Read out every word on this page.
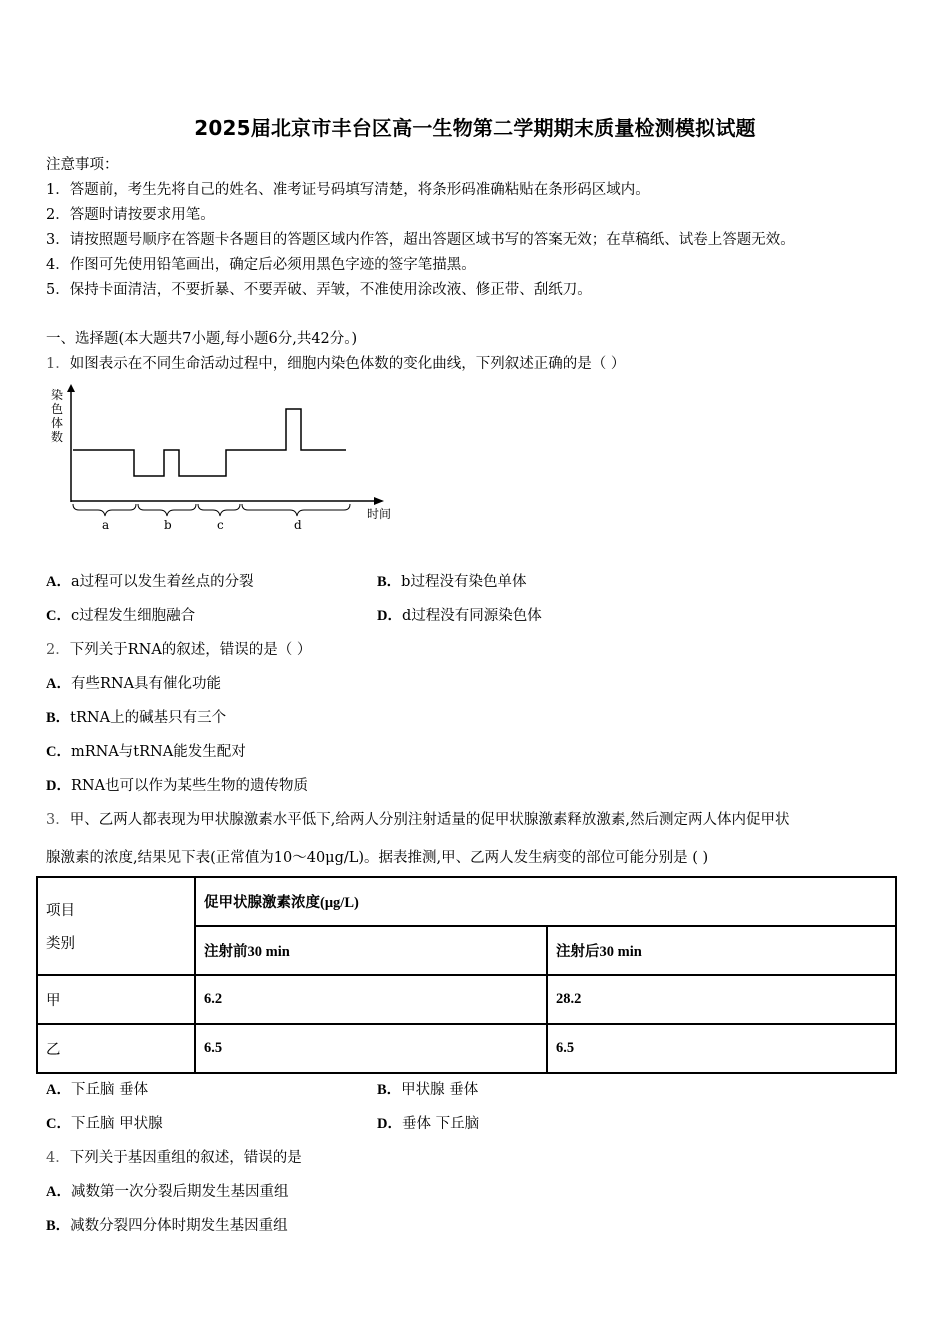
2025届北京市丰台区高一生物第二学期期末质量检测模拟试题
注意事项：
1．答题前，考生先将自己的姓名、准考证号码填写清楚，将条形码准确粘贴在条形码区域内。
2．答题时请按要求用笔。
3．请按照题号顺序在答题卡各题目的答题区域内作答，超出答题区域书写的答案无效；在草稿纸、试卷上答题无效。
4．作图可先使用铅笔画出，确定后必须用黑色字迹的签字笔描黑。
5．保持卡面清洁，不要折暴、不要弄破、弄皱，不准使用涂改液、修正带、刮纸刀。
一、选择题(本大题共7小题,每小题6分,共42分。)
1．如图表示在不同生命活动过程中，细胞内染色体数的变化曲线，下列叙述正确的是（ ）
染
色
体
数
a	b	c	d
时间
A．a过程可以发生着丝点的分裂	B．b过程没有染色单体
C．c过程发生细胞融合	D．d过程没有同源染色体
2．下列关于RNA的叙述，错误的是（ ）
A．有些RNA具有催化功能
B．tRNA上的碱基只有三个
C．mRNA与tRNA能发生配对
D．RNA也可以作为某些生物的遗传物质
3．甲、乙两人都表现为甲状腺激素水平低下,给两人分别注射适量的促甲状腺激素释放激素,然后测定两人体内促甲状
腺激素的浓度,结果见下表(正常值为10～40μg/L)。据表推测,甲、乙两人发生病变的部位可能分别是 ( )
项目
类别	促甲状腺激素浓度(μg/L)	
	注射前30 min	注射后30 min
甲	6.2	28.2
乙	6.5	6.5
A．下丘脑 垂体	B．甲状腺 垂体
C．下丘脑 甲状腺	D．垂体 下丘脑
4．下列关于基因重组的叙述，错误的是
A．减数第一次分裂后期发生基因重组
B．减数分裂四分体时期发生基因重组
